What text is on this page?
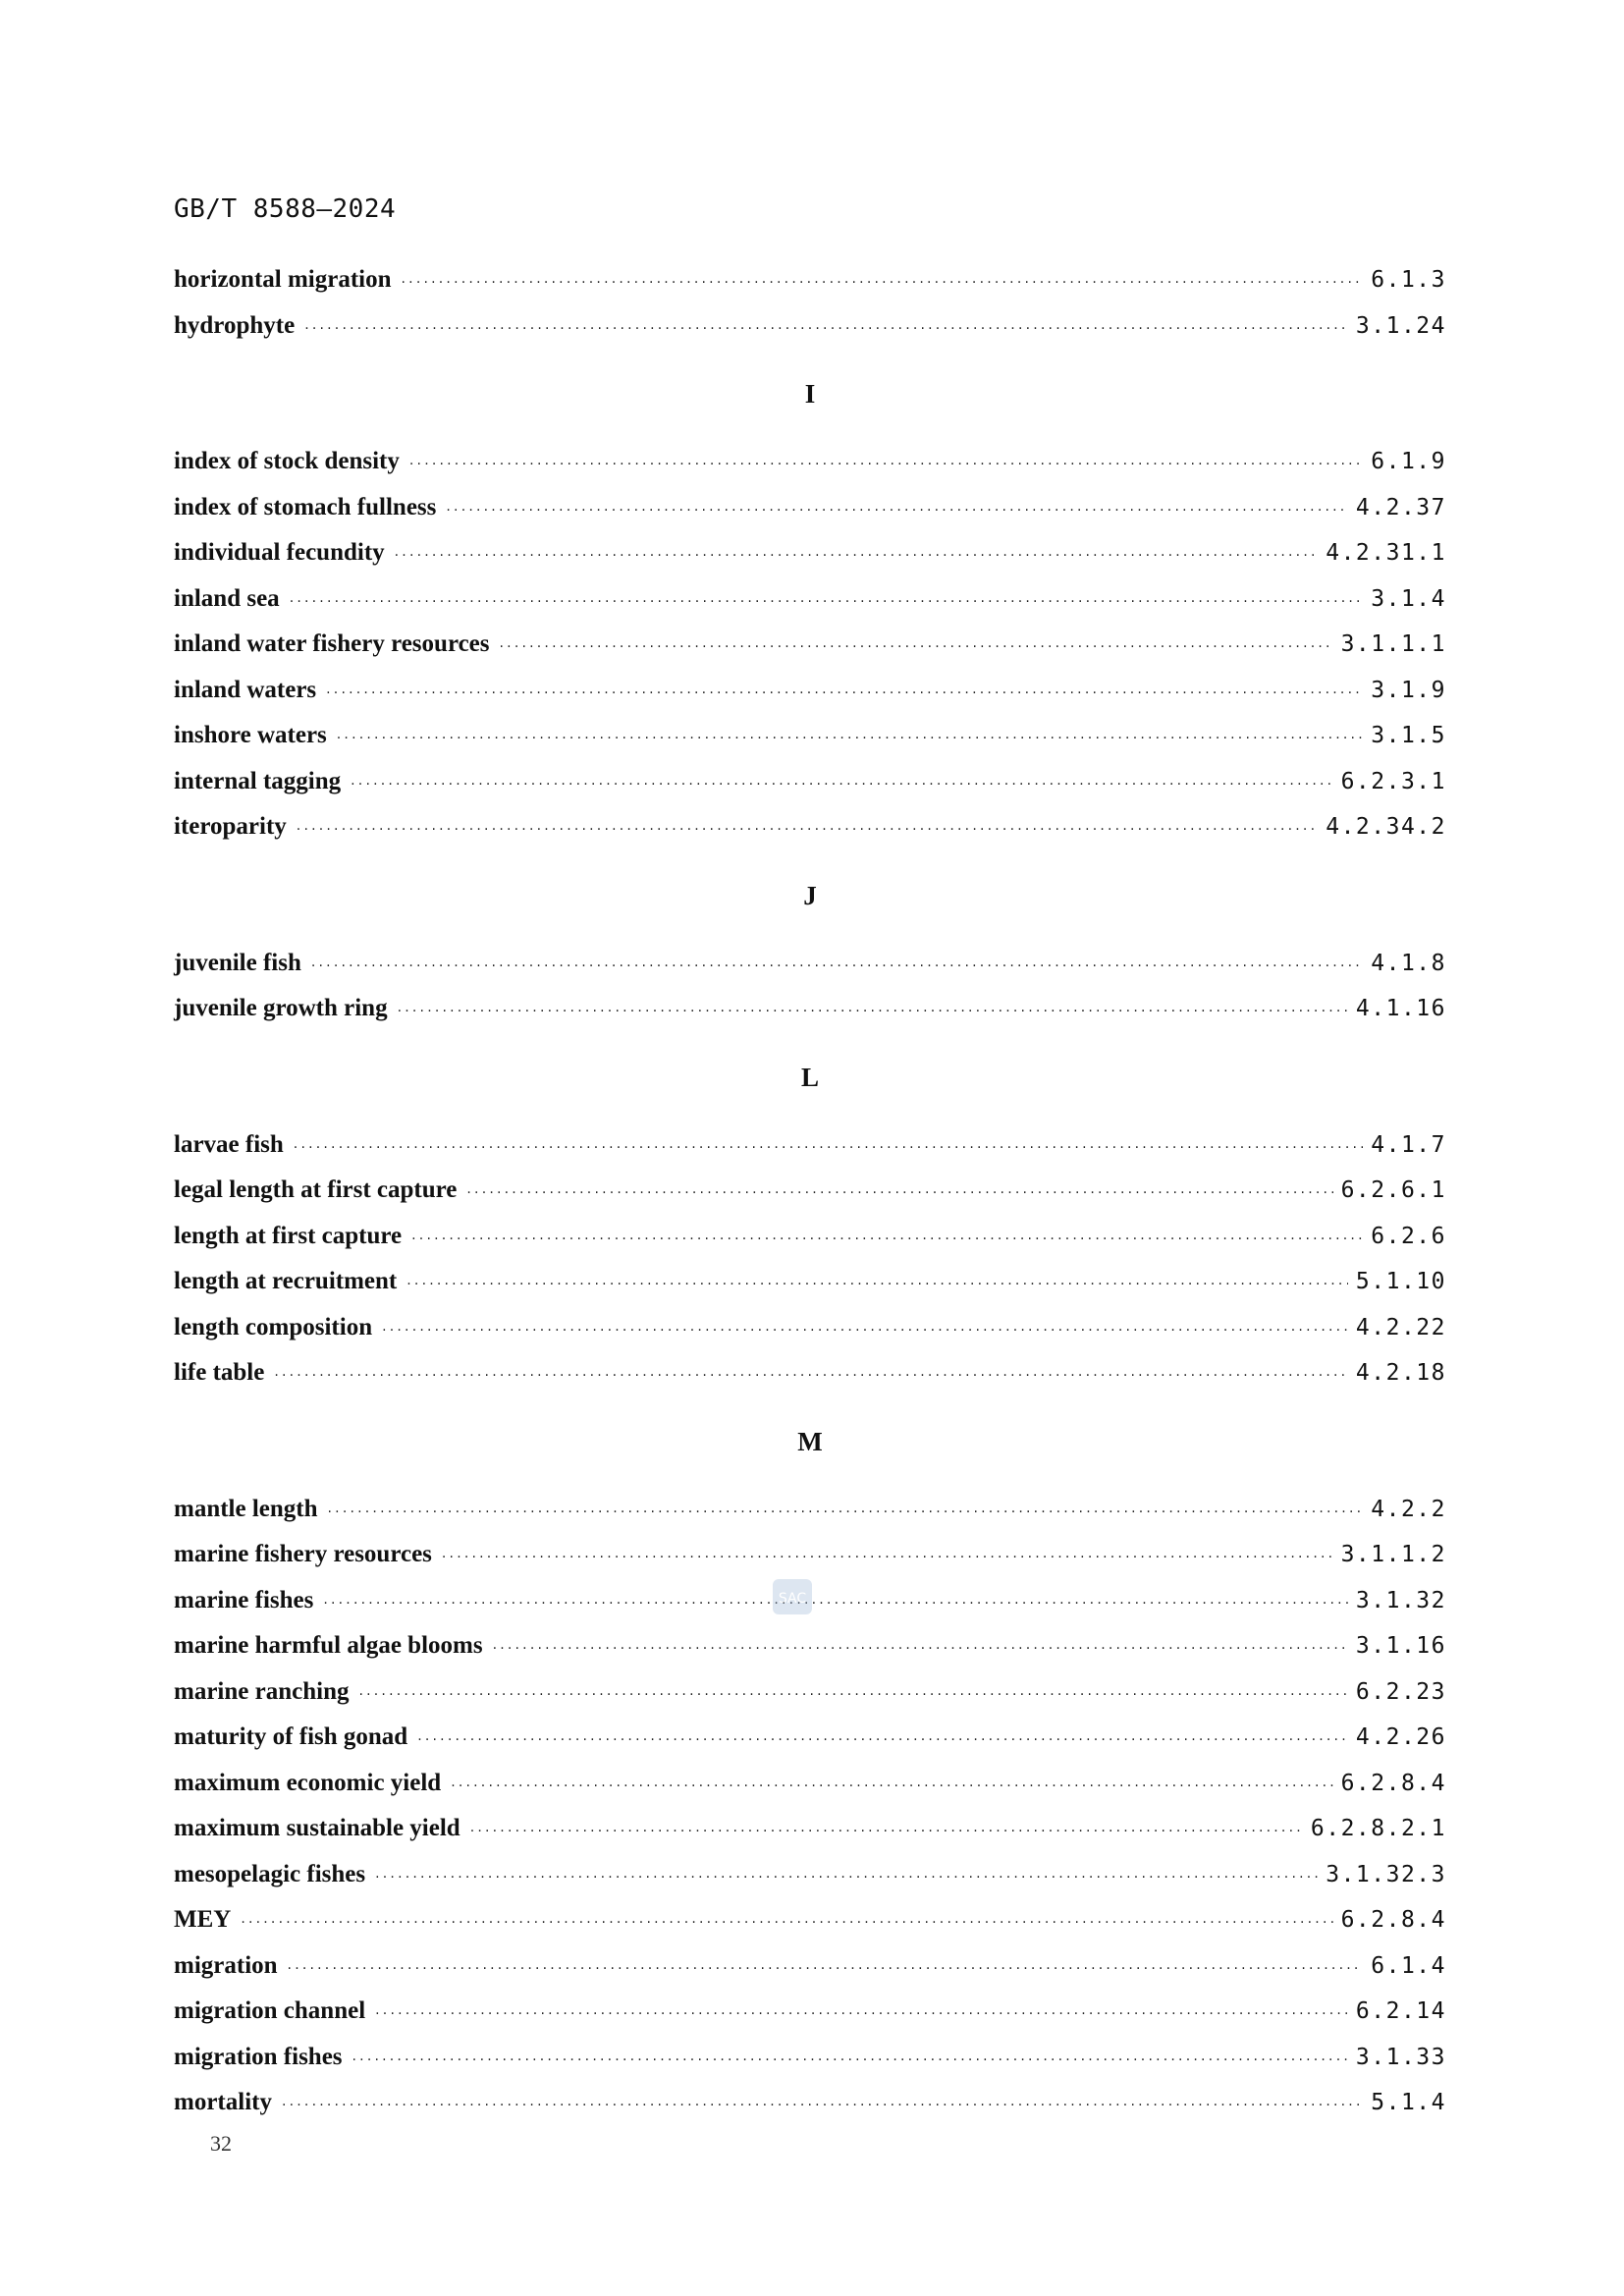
GB/T 8588—2024
horizontal migration ·····	6.1.3
hydrophyte ·····	3.1.24
I
index of stock density ·····	6.1.9
index of stomach fullness ·····	4.2.37
individual fecundity ·····	4.2.31.1
inland sea ·····	3.1.4
inland water fishery resources ·····	3.1.1.1
inland waters ·····	3.1.9
inshore waters ·····	3.1.5
internal tagging ·····	6.2.3.1
iteroparity ·····	4.2.34.2
J
juvenile fish ·····	4.1.8
juvenile growth ring ·····	4.1.16
L
larvae fish ·····	4.1.7
legal length at first capture ·····	6.2.6.1
length at first capture ·····	6.2.6
length at recruitment ·····	5.1.10
length composition ·····	4.2.22
life table ·····	4.2.18
M
mantle length ·····	4.2.2
marine fishery resources ·····	3.1.1.2
marine fishes ·····	3.1.32
marine harmful algae blooms ·····	3.1.16
marine ranching ·····	6.2.23
maturity of fish gonad ·····	4.2.26
maximum economic yield ·····	6.2.8.4
maximum sustainable yield ·····	6.2.8.2.1
mesopelagic fishes ·····	3.1.32.3
MEY ·····	6.2.8.4
migration ·····	6.1.4
migration channel ·····	6.2.14
migration fishes ·····	3.1.33
mortality ·····	5.1.4
SAC
32
